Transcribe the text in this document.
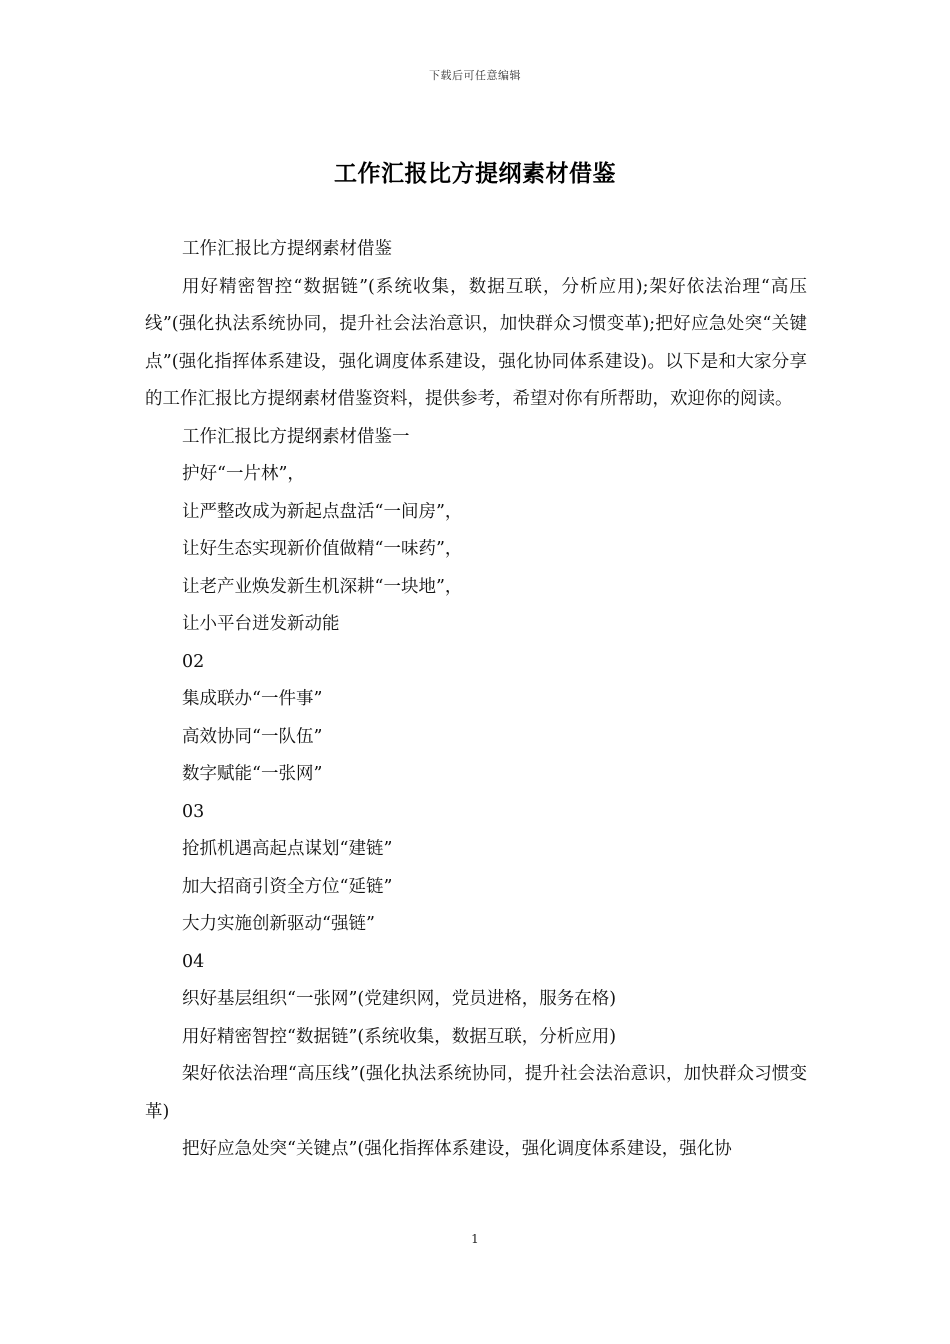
下载后可任意编辑
工作汇报比方提纲素材借鉴

工作汇报比方提纲素材借鉴

用好精密智控“数据链”(系统收集，数据互联，分析应用);架好依法治理“高压线”(强化执法系统协同，提升社会法治意识，加快群众习惯变革);把好应急处突“关键点”(强化指挥体系建设，强化调度体系建设，强化协同体系建设)。以下是和大家分享的工作汇报比方提纲素材借鉴资料，提供参考，希望对你有所帮助，欢迎你的阅读。

工作汇报比方提纲素材借鉴一

护好“一片林”，

让严整改成为新起点盘活“一间房”，

让好生态实现新价值做精“一味药”，

让老产业焕发新生机深耕“一块地”，

让小平台迸发新动能

02

集成联办“一件事”

高效协同“一队伍”

数字赋能“一张网”

03

抢抓机遇高起点谋划“建链”

加大招商引资全方位“延链”

大力实施创新驱动“强链”

04

织好基层组织“一张网”(党建织网，党员进格，服务在格)

用好精密智控“数据链”(系统收集，数据互联，分析应用)

架好依法治理“高压线”(强化执法系统协同，提升社会法治意识，加快群众习惯变革)

把好应急处突“关键点”(强化指挥体系建设，强化调度体系建设，强化协

1
